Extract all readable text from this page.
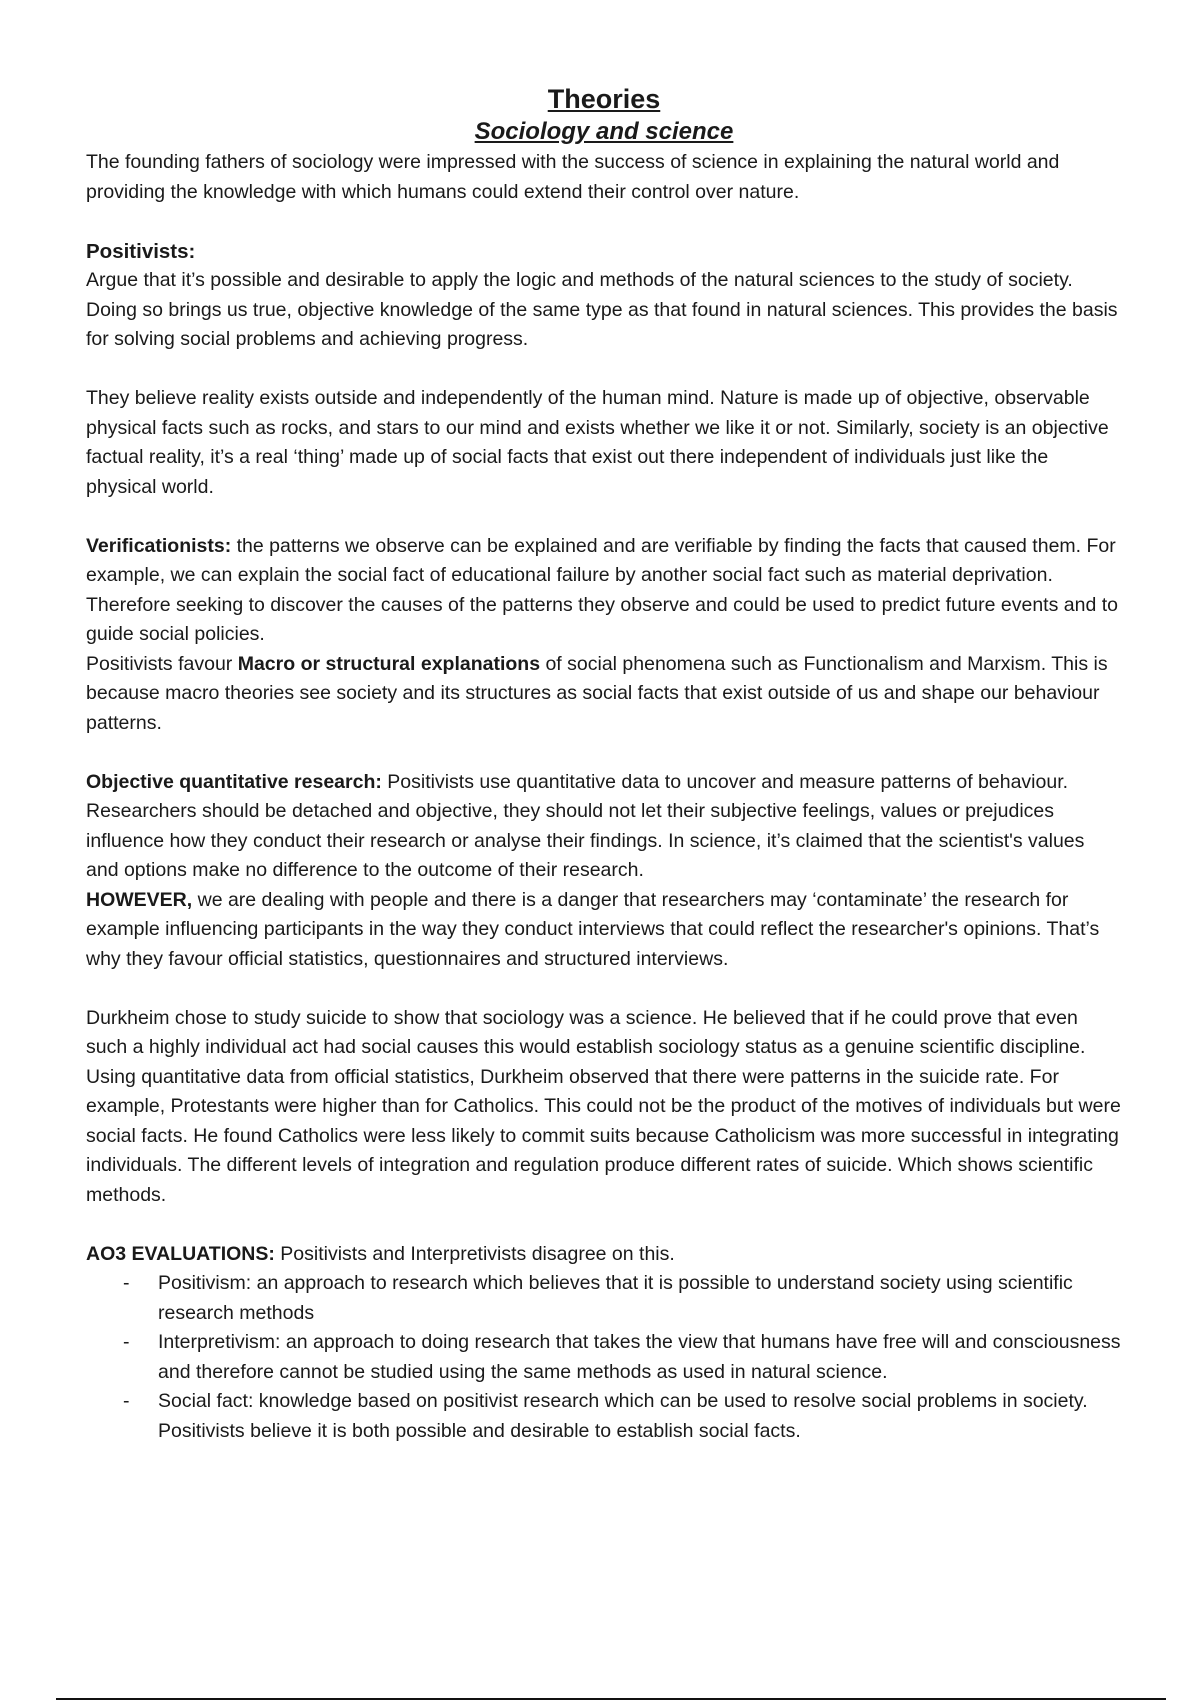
Theories
Sociology and science

The founding fathers of sociology were impressed with the success of science in explaining the natural world and providing the knowledge with which humans could extend their control over nature.

Positivists:

Argue that it’s possible and desirable to apply the logic and methods of the natural sciences to the study of society. Doing so brings us true, objective knowledge of the same type as that found in natural sciences. This provides the basis for solving social problems and achieving progress.

They believe reality exists outside and independently of the human mind. Nature is made up of objective, observable physical facts such as rocks, and stars to our mind and exists whether we like it or not. Similarly, society is an objective factual reality, it’s a real ‘thing’ made up of social facts that exist out there independent of individuals just like the physical world.

Verificationists: the patterns we observe can be explained and are verifiable by finding the facts that caused them. For example, we can explain the social fact of educational failure by another social fact such as material deprivation. Therefore seeking to discover the causes of the patterns they observe and could be used to predict future events and to guide social policies.

Positivists favour Macro or structural explanations of social phenomena such as Functionalism and Marxism. This is because macro theories see society and its structures as social facts that exist outside of us and shape our behaviour patterns.

Objective quantitative research: Positivists use quantitative data to uncover and measure patterns of behaviour. Researchers should be detached and objective, they should not let their subjective feelings, values or prejudices influence how they conduct their research or analyse their findings. In science, it’s claimed that the scientist's values and options make no difference to the outcome of their research.
HOWEVER, we are dealing with people and there is a danger that researchers may ‘contaminate’ the research for example influencing participants in the way they conduct interviews that could reflect the researcher's opinions. That’s why they favour official statistics, questionnaires and structured interviews.

Durkheim chose to study suicide to show that sociology was a science. He believed that if he could prove that even such a highly individual act had social causes this would establish sociology status as a genuine scientific discipline.

Using quantitative data from official statistics, Durkheim observed that there were patterns in the suicide rate. For example, Protestants were higher than for Catholics. This could not be the product of the motives of individuals but were social facts. He found Catholics were less likely to commit suits because Catholicism was more successful in integrating individuals. The different levels of integration and regulation produce different rates of suicide. Which shows scientific methods.

AO3 EVALUATIONS: Positivists and Interpretivists disagree on this.

- Positivism: an approach to research which believes that it is possible to understand society using scientific research methods
- Interpretivism: an approach to doing research that takes the view that humans have free will and consciousness and therefore cannot be studied using the same methods as used in natural science.
- Social fact: knowledge based on positivist research which can be used to resolve social problems in society. Positivists believe it is both possible and desirable to establish social facts.
